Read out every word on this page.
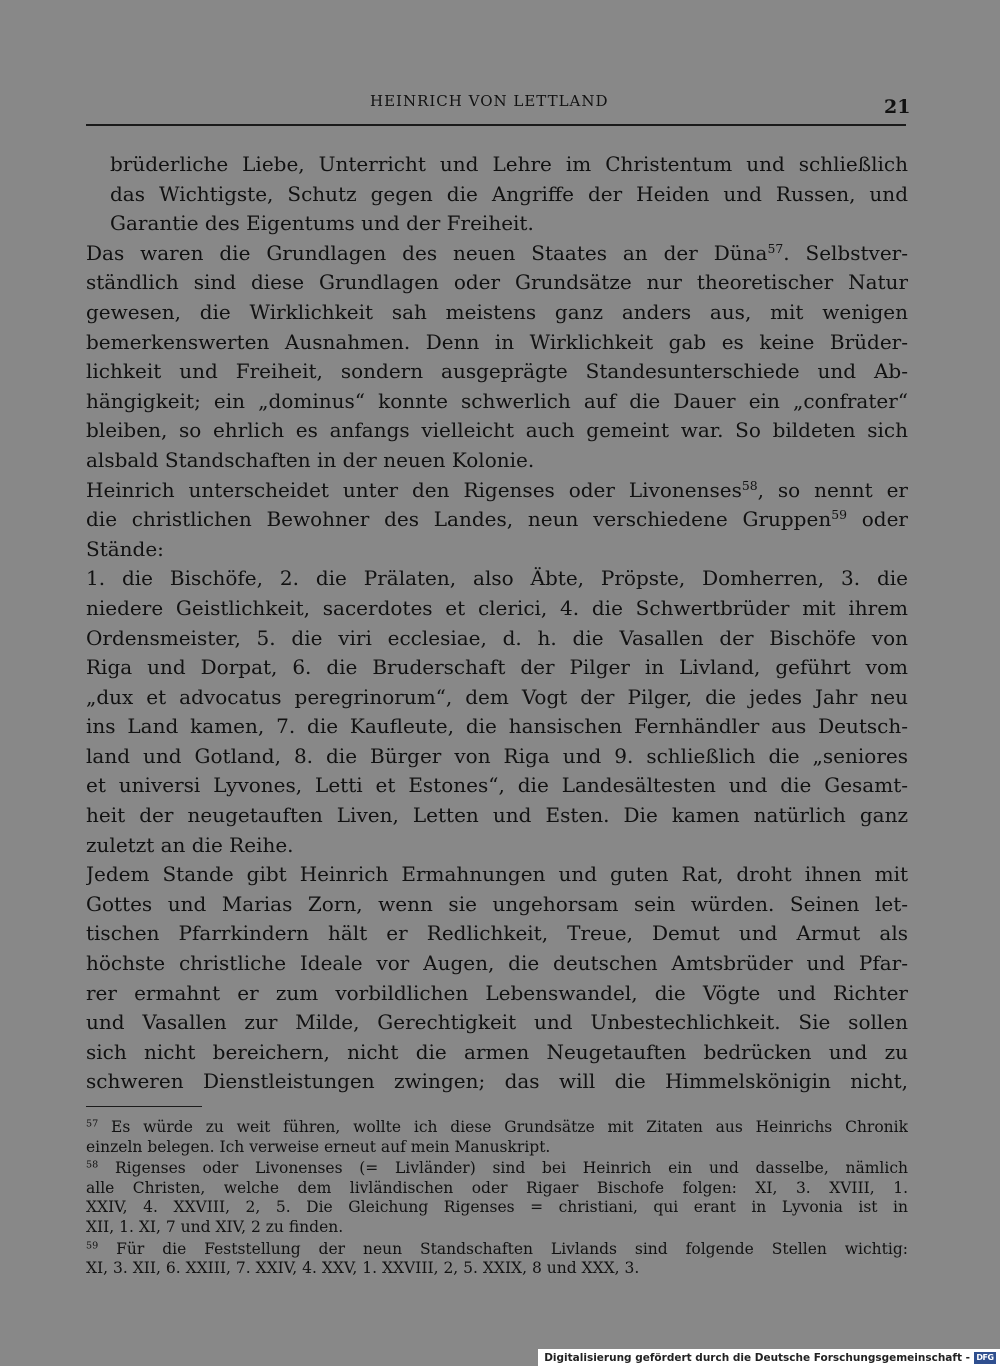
HEINRICH VON LETTLAND	21

brüderliche Liebe, Unterricht und Lehre im Christentum und schließlich
das Wichtigste, Schutz gegen die Angriffe der Heiden und Russen, und
Garantie des Eigentums und der Freiheit.

Das waren die Grundlagen des neuen Staates an der Düna$^{57}$. Selbstver-
ständlich sind diese Grundlagen oder Grundsätze nur theoretischer Natur
gewesen, die Wirklichkeit sah meistens ganz anders aus, mit wenigen
bemerkenswerten Ausnahmen. Denn in Wirklichkeit gab es keine Brüder-
lichkeit und Freiheit, sondern ausgeprägte Standesunterschiede und Ab-
hängigkeit; ein „dominus“ konnte schwerlich auf die Dauer ein „confrater“
bleiben, so ehrlich es anfangs vielleicht auch gemeint war. So bildeten sich
alsbald Standschaften in der neuen Kolonie.

Heinrich unterscheidet unter den Rigenses oder Livonenses$^{58}$, so nennt er
die christlichen Bewohner des Landes, neun verschiedene Gruppen$^{59}$ oder
Stände:

1. die Bischöfe, 2. die Prälaten, also Äbte, Pröpste, Domherren, 3. die
niedere Geistlichkeit, sacerdotes et clerici, 4. die Schwertbrüder mit ihrem
Ordensmeister, 5. die viri ecclesiae, d. h. die Vasallen der Bischöfe von
Riga und Dorpat, 6. die Bruderschaft der Pilger in Livland, geführt vom
„dux et advocatus peregrinorum“, dem Vogt der Pilger, die jedes Jahr neu
ins Land kamen, 7. die Kaufleute, die hansischen Fernhändler aus Deutsch-
land und Gotland, 8. die Bürger von Riga und 9. schließlich die „seniores
et universi Lyvones, Letti et Estones“, die Landesältesten und die Gesamt-
heit der neugetauften Liven, Letten und Esten. Die kamen natürlich ganz
zuletzt an die Reihe.

Jedem Stande gibt Heinrich Ermahnungen und guten Rat, droht ihnen mit
Gottes und Marias Zorn, wenn sie ungehorsam sein würden. Seinen let-
tischen Pfarrkindern hält er Redlichkeit, Treue, Demut und Armut als
höchste christliche Ideale vor Augen, die deutschen Amtsbrüder und Pfar-
rer ermahnt er zum vorbildlichen Lebenswandel, die Vögte und Richter
und Vasallen zur Milde, Gerechtigkeit und Unbestechlichkeit. Sie sollen
sich nicht bereichern, nicht die armen Neugetauften bedrücken und zu
schweren Dienstleistungen zwingen; das will die Himmelskönigin nicht,

$^{57}$ Es würde zu weit führen, wollte ich diese Grundsätze mit Zitaten aus Heinrichs Chronik
einzeln belegen. Ich verweise erneut auf mein Manuskript.
$^{58}$ Rigenses oder Livonenses (= Livländer) sind bei Heinrich ein und dasselbe, nämlich
alle Christen, welche dem livländischen oder Rigaer Bischofe folgen: XI, 3. XVIII, 1.
XXIV, 4. XXVIII, 2, 5. Die Gleichung Rigenses = christiani, qui erant in Lyvonia ist in
XII, 1. XI, 7 und XIV, 2 zu finden.
$^{59}$ Für die Feststellung der neun Standschaften Livlands sind folgende Stellen wichtig:
XI, 3. XII, 6. XXIII, 7. XXIV, 4. XXV, 1. XXVIII, 2, 5. XXIX, 8 und XXX, 3.
Digitalisierung gefördert durch die Deutsche Forschungsgemeinschaft - DFG
